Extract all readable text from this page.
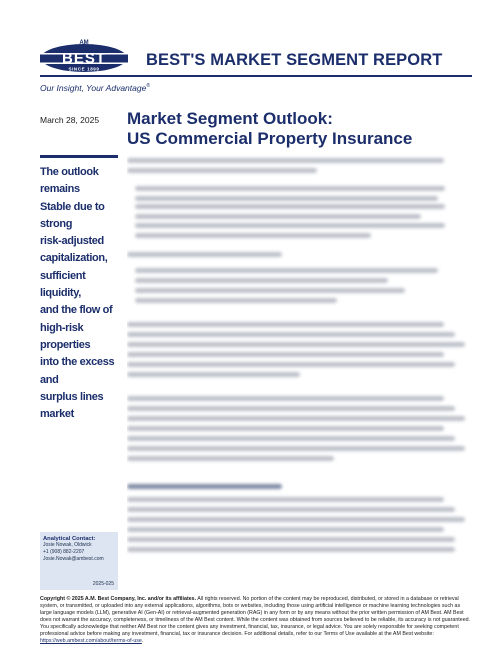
AM
BEST
SINCE 1899	BEST'S MARKET SEGMENT REPORT
Our Insight, Your Advantage®
March 28, 2025 Market Segment Outlook:
US Commercial Property Insurance

The outlook remains
Stable due to strong
risk-adjusted
capitalization,
sufficient liquidity,
and the flow of
high-risk properties
into the excess and
surplus lines market

Analytical Contact:
Josie Nowak, Oldwick
+1 (908) 882-2207
Josie.Nowak@ambest.com
2025-025
Copyright © 2025 A.M. Best Company, Inc. and/or its affiliates. All rights reserved. No portion of the content may be reproduced, distributed, or stored in a database or retrieval system, or transmitted, or uploaded into any external applications, algorithms, bots or websites, including those using artificial intelligence or machine learning technologies such as large language models (LLM), generative AI (Gen-AI) or retrieval-augmented generation (RAG) in any form or by any means without the prior written permission of AM Best. AM Best does not warrant the accuracy, completeness, or timeliness of the AM Best content. While the content was obtained from sources believed to be reliable, its accuracy is not guaranteed. You specifically acknowledge that neither AM Best nor the content gives any investment, financial, tax, insurance, or legal advice. You are solely responsible for seeking competent professional advice before making any investment, financial, tax or insurance decision. For additional details, refer to our Terms of Use available at the AM Best website: https://web.ambest.com/about/terms-of-use.
